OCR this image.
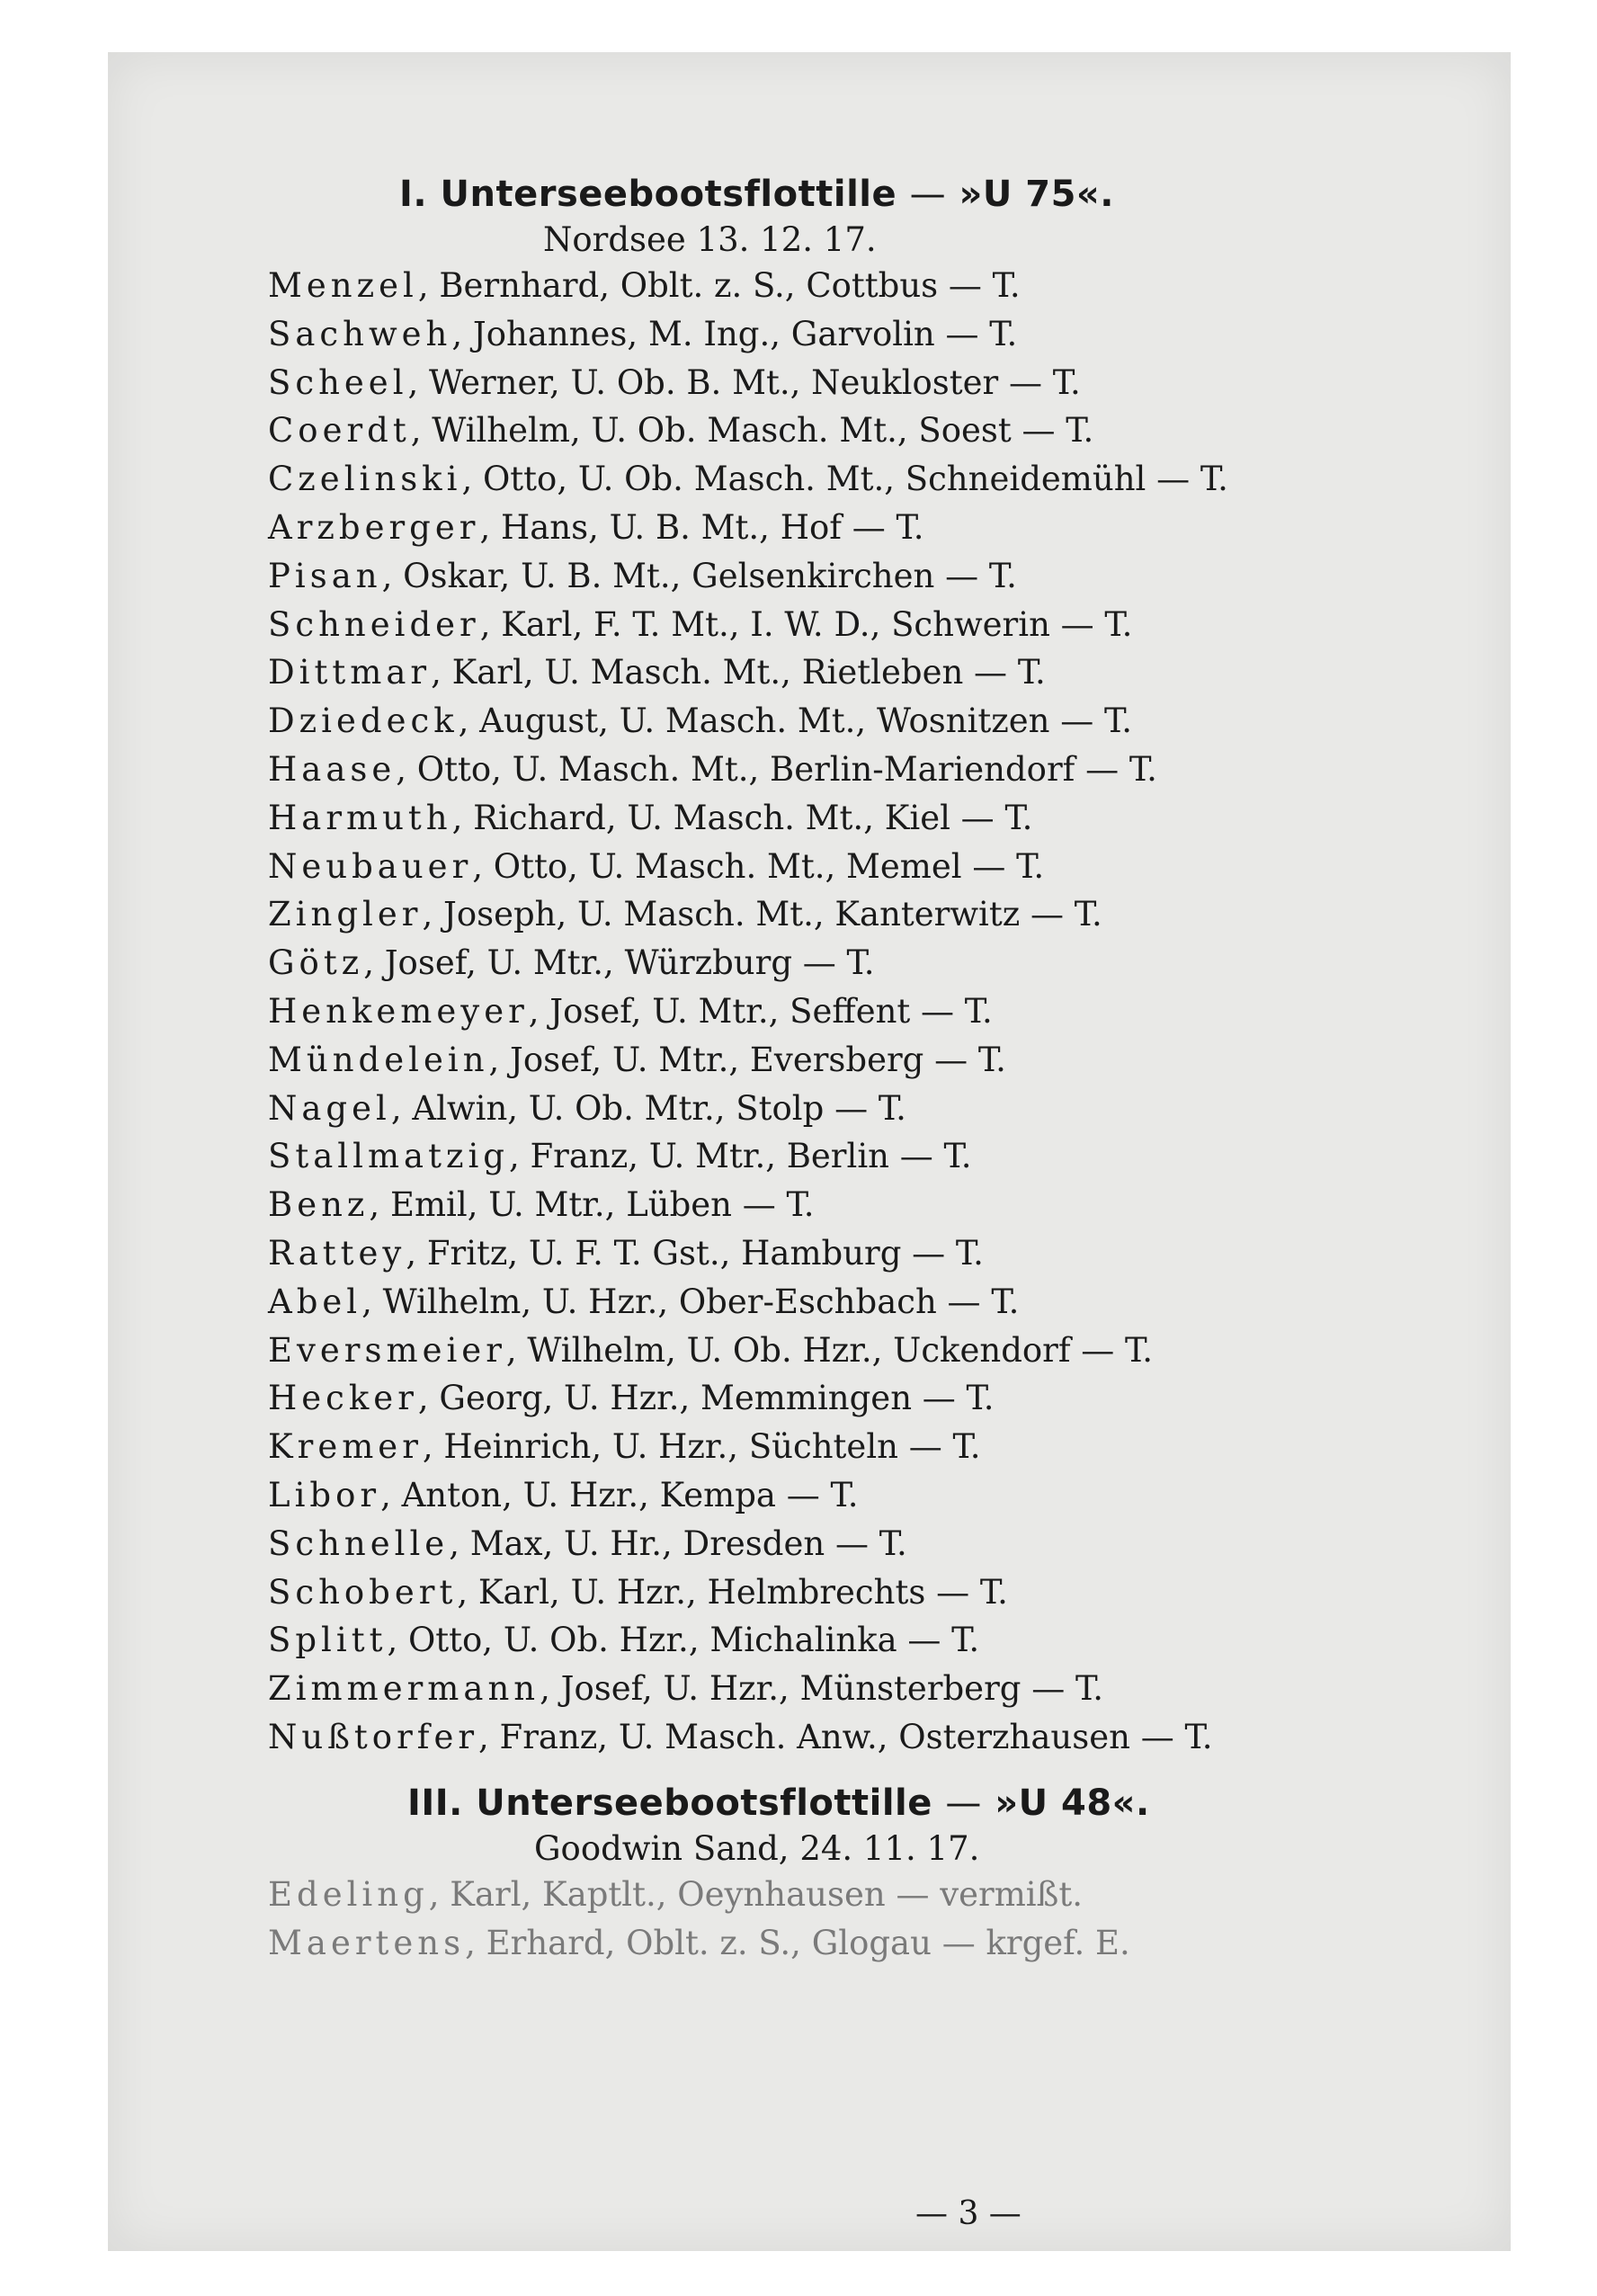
I. Unterseebootsflottille — »U 75«.
Nordsee 13. 12. 17.
Menzel, Bernhard, Oblt. z. S., Cottbus — T.
Sachweh, Johannes, M. Ing., Garvolin — T.
Scheel, Werner, U. Ob. B. Mt., Neukloster — T.
Coerdt, Wilhelm, U. Ob. Masch. Mt., Soest — T.
Czelinski, Otto, U. Ob. Masch. Mt., Schneidemühl — T.
Arzberger, Hans, U. B. Mt., Hof — T.
Pisan, Oskar, U. B. Mt., Gelsenkirchen — T.
Schneider, Karl, F. T. Mt., I. W. D., Schwerin — T.
Dittmar, Karl, U. Masch. Mt., Rietleben — T.
Dziedeck, August, U. Masch. Mt., Wosnitzen — T.
Haase, Otto, U. Masch. Mt., Berlin-Mariendorf — T.
Harmuth, Richard, U. Masch. Mt., Kiel — T.
Neubauer, Otto, U. Masch. Mt., Memel — T.
Zingler, Joseph, U. Masch. Mt., Kanterwitz — T.
Götz, Josef, U. Mtr., Würzburg — T.
Henkemeyer, Josef, U. Mtr., Seffent — T.
Mündelein, Josef, U. Mtr., Eversberg — T.
Nagel, Alwin, U. Ob. Mtr., Stolp — T.
Stallmatzig, Franz, U. Mtr., Berlin — T.
Benz, Emil, U. Mtr., Lüben — T.
Rattey, Fritz, U. F. T. Gst., Hamburg — T.
Abel, Wilhelm, U. Hzr., Ober-Eschbach — T.
Eversmeier, Wilhelm, U. Ob. Hzr., Uckendorf — T.
Hecker, Georg, U. Hzr., Memmingen — T.
Kremer, Heinrich, U. Hzr., Süchteln — T.
Libor, Anton, U. Hzr., Kempa — T.
Schnelle, Max, U. Hr., Dresden — T.
Schobert, Karl, U. Hzr., Helmbrechts — T.
Splitt, Otto, U. Ob. Hzr., Michalinka — T.
Zimmermann, Josef, U. Hzr., Münsterberg — T.
Nußtorfer, Franz, U. Masch. Anw., Osterzhausen — T.
III. Unterseebootsflottille — »U 48«.
Goodwin Sand, 24. 11. 17.
Edeling, Karl, Kaptlt., Oeynhausen — vermißt.
Maertens, Erhard, Oblt. z. S., Glogau — krgef. E.
— 3 —
